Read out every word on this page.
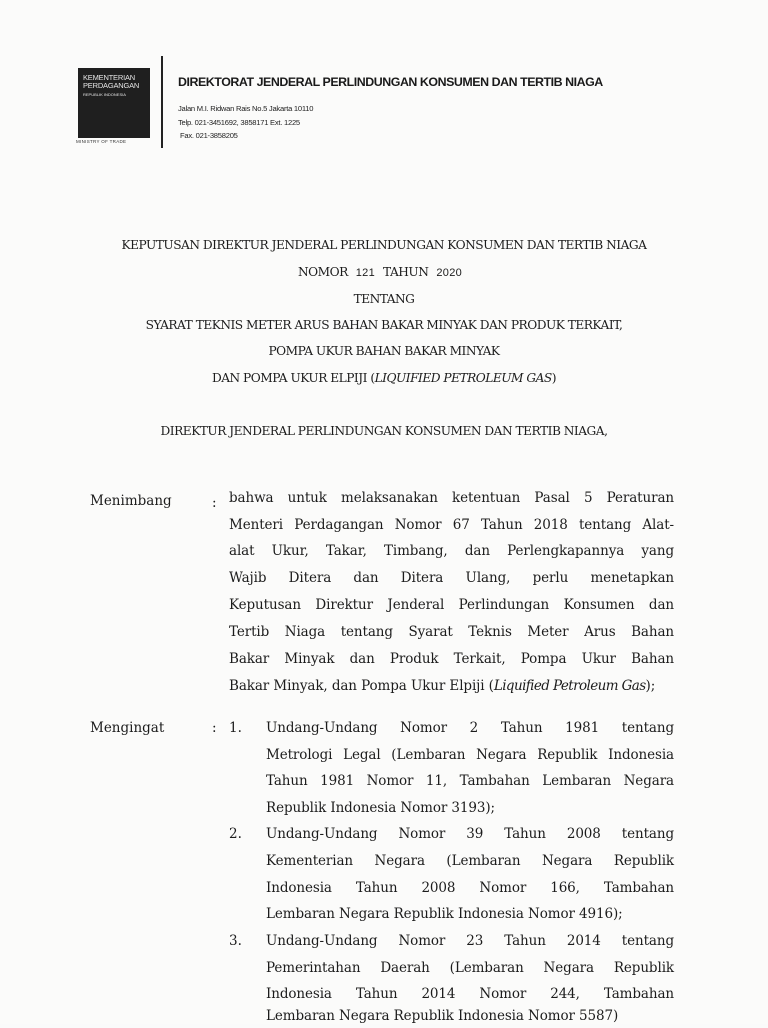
KEMENTERIAN
PERDAGANGAN
REPUBLIK INDONESIA
MINISTRY OF TRADE
DIREKTORAT JENDERAL PERLINDUNGAN KONSUMEN DAN TERTIB NIAGA
Jalan M.I. Ridwan Rais No.5 Jakarta 10110
Telp. 021-3451692, 3858171 Ext. 1225
Fax. 021-3858205
KEPUTUSAN DIREKTUR JENDERAL PERLINDUNGAN KONSUMEN DAN TERTIB NIAGA
NOMOR 121 TAHUN 2020
TENTANG
SYARAT TEKNIS METER ARUS BAHAN BAKAR MINYAK DAN PRODUK TERKAIT,
POMPA UKUR BAHAN BAKAR MINYAK
DAN POMPA UKUR ELPIJI (LIQUIFIED PETROLEUM GAS)
DIREKTUR JENDERAL PERLINDUNGAN KONSUMEN DAN TERTIB NIAGA,
Menimbang	: bahwa untuk melaksanakan ketentuan Pasal 5 Peraturan
Menteri Perdagangan Nomor 67 Tahun 2018 tentang Alat-
alat Ukur, Takar, Timbang, dan Perlengkapannya yang
Wajib Ditera dan Ditera Ulang, perlu menetapkan
Keputusan Direktur Jenderal Perlindungan Konsumen dan
Tertib Niaga tentang Syarat Teknis Meter Arus Bahan
Bakar Minyak dan Produk Terkait, Pompa Ukur Bahan
Bakar Minyak, dan Pompa Ukur Elpiji (Liquified Petroleum Gas);
Mengingat	: 1. Undang-Undang Nomor 2 Tahun 1981 tentang
Metrologi Legal (Lembaran Negara Republik Indonesia
Tahun 1981 Nomor 11, Tambahan Lembaran Negara
Republik Indonesia Nomor 3193);
2. Undang-Undang Nomor 39 Tahun 2008 tentang
Kementerian Negara (Lembaran Negara Republik
Indonesia Tahun 2008 Nomor 166, Tambahan
Lembaran Negara Republik Indonesia Nomor 4916);
3. Undang-Undang Nomor 23 Tahun 2014 tentang
Pemerintahan Daerah (Lembaran Negara Republik
Indonesia Tahun 2014 Nomor 244, Tambahan
Lembaran Negara Republik Indonesia Nomor 5587)
